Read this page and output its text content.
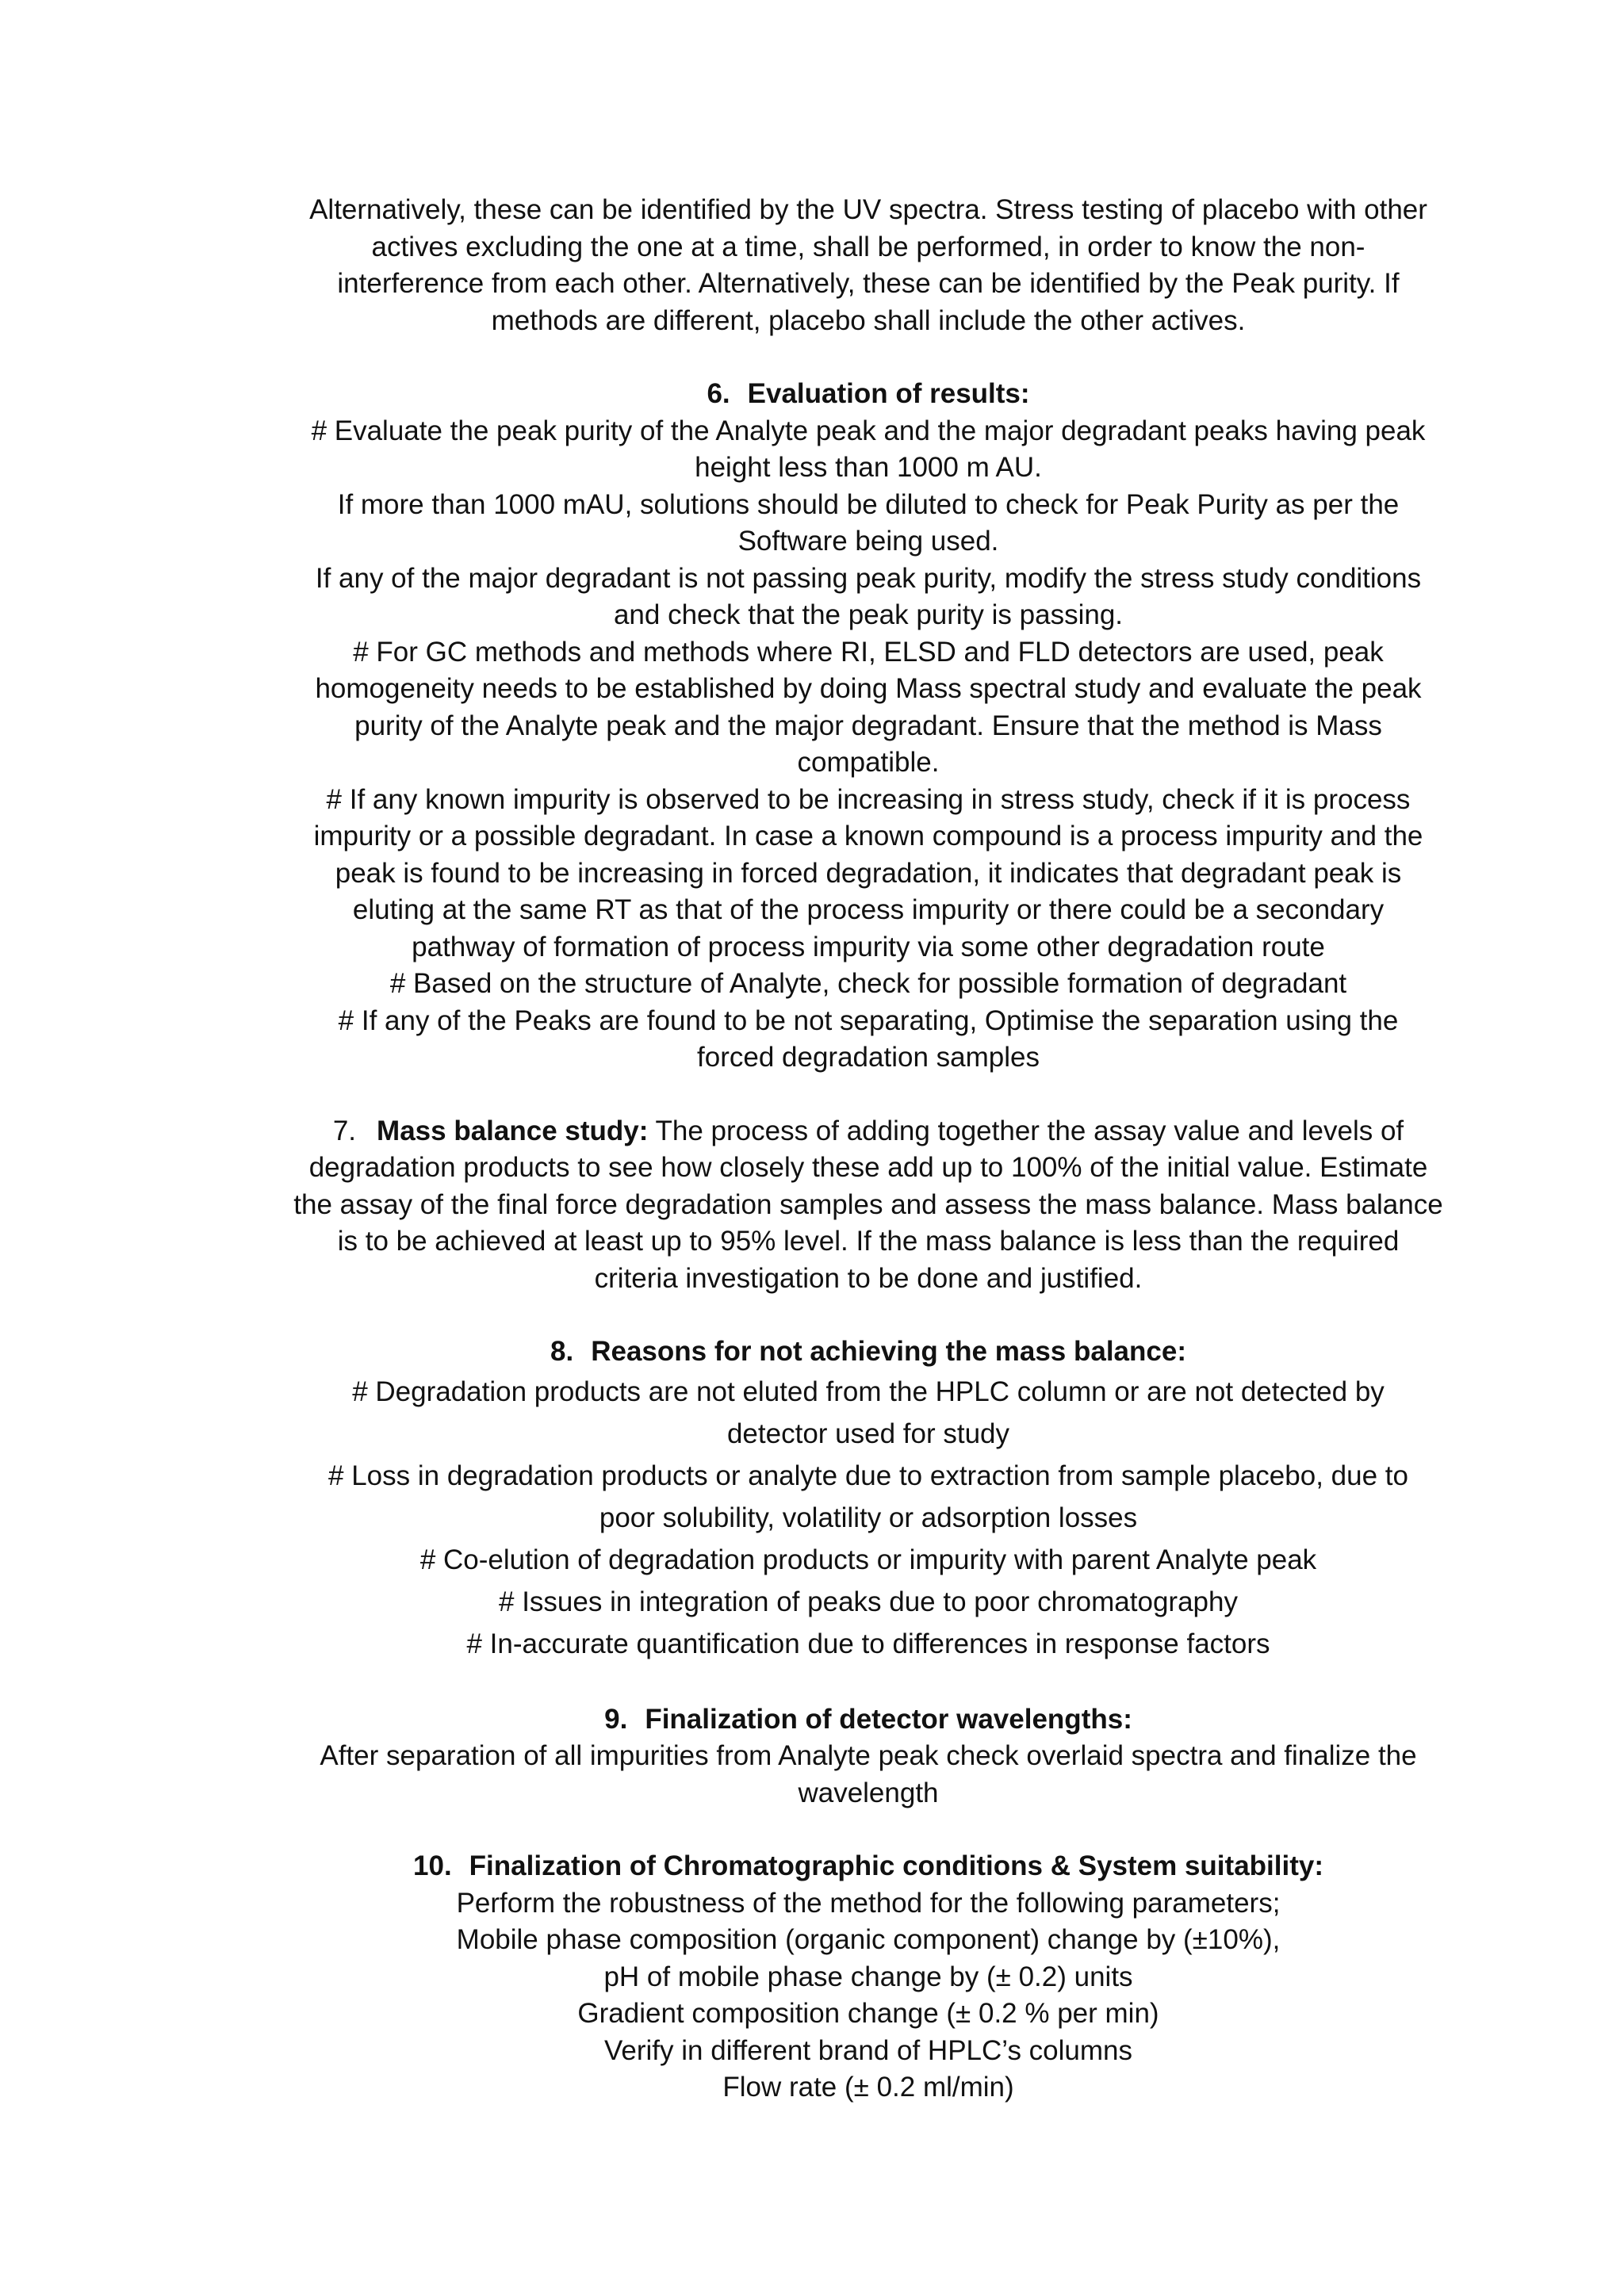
Alternatively, these can be identified by the UV spectra. Stress testing of placebo with other

actives excluding the one at a time, shall be performed, in order to know the non-

interference from each other. Alternatively, these can be identified by the Peak purity. If

methods are different, placebo shall include the other actives.

6. Evaluation of results:

# Evaluate the peak purity of the Analyte peak and the major degradant peaks having peak

height less than 1000 m AU.

If more than 1000 mAU, solutions should be diluted to check for Peak Purity as per the

Software being used.

If any of the major degradant is not passing peak purity, modify the stress study conditions

and check that the peak purity is passing.

# For GC methods and methods where RI, ELSD and FLD detectors are used, peak

homogeneity needs to be established by doing Mass spectral study and evaluate the peak

purity of the Analyte peak and the major degradant. Ensure that the method is Mass

compatible.

# If any known impurity is observed to be increasing in stress study, check if it is process

impurity or a possible degradant. In case a known compound is a process impurity and the

peak is found to be increasing in forced degradation, it indicates that degradant peak is

eluting at the same RT as that of the process impurity or there could be a secondary

pathway of formation of process impurity via some other degradation route

# Based on the structure of Analyte, check for possible formation of degradant

# If any of the Peaks are found to be not separating, Optimise the separation using the

forced degradation samples

7. Mass balance study: The process of adding together the assay value and levels of

degradation products to see how closely these add up to 100% of the initial value. Estimate

the assay of the final force degradation samples and assess the mass balance. Mass balance

is to be achieved at least up to 95% level. If the mass balance is less than the required

criteria investigation to be done and justified.

8. Reasons for not achieving the mass balance:

# Degradation products are not eluted from the HPLC column or are not detected by

detector used for study

# Loss in degradation products or analyte due to extraction from sample placebo, due to

poor solubility, volatility or adsorption losses

# Co-elution of degradation products or impurity with parent Analyte peak

# Issues in integration of peaks due to poor chromatography

# In-accurate quantification due to differences in response factors

9. Finalization of detector wavelengths:

After separation of all impurities from Analyte peak check overlaid spectra and finalize the

wavelength

10. Finalization of Chromatographic conditions & System suitability:

Perform the robustness of the method for the following parameters;

Mobile phase composition (organic component) change by (±10%),

pH of mobile phase change by (± 0.2) units

Gradient composition change (± 0.2 % per min)

Verify in different brand of HPLC’s columns

Flow rate (± 0.2 ml/min)
